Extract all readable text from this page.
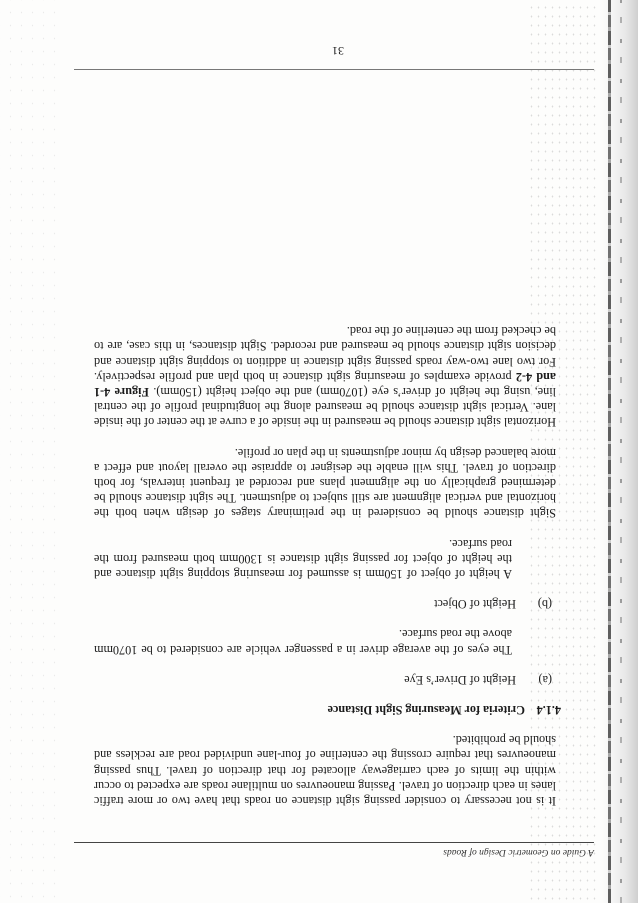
A Guide on Geometric Design of Roads

It is not necessary to consider passing sight distance on roads that have two or more traffic lanes in each direction of travel. Passing manoeuvres on multilane roads are expected to occur within the limits of each carriageway allocated for that direction of travel. Thus passing manoeuvres that require crossing the centerline of four-lane undivided road are reckless and should be prohibited.

4.1.4
Criteria for Measuring Sight Distance
(a)
Height of Driver’s Eye

The eyes of the average driver in a passenger vehicle are considered to be 1070mm above the road surface.

(b)
Height of Object

A height of object of 150mm is assumed for measuring stopping sight distance and the height of object for passing sight distance is 1300mm both measured from the road surface.

Sight distance should be considered in the preliminary stages of design when both the horizontal and vertical alignment are still subject to adjustment. The sight distance should be determined graphically on the alignment plans and recorded at frequent intervals, for both direction of travel. This will enable the designer to appraise the overall layout and effect a more balanced design by minor adjustments in the plan or profile.

Horizontal sight distance should be measured in the inside of a curve at the center of the inside lane. Vertical sight distance should be measured along the longitudinal profile of the central line, using the height of driver’s eye (1070mm) and the object height (150mm). Figure 4-1 and 4-2 provide examples of measuring sight distance in both plan and profile respectively. For two lane two-way roads passing sight distance in addition to stopping sight distance and decision sight distance should be measured and recorded. Sight distances, in this case, are to be checked from the centerline of the road.

31
